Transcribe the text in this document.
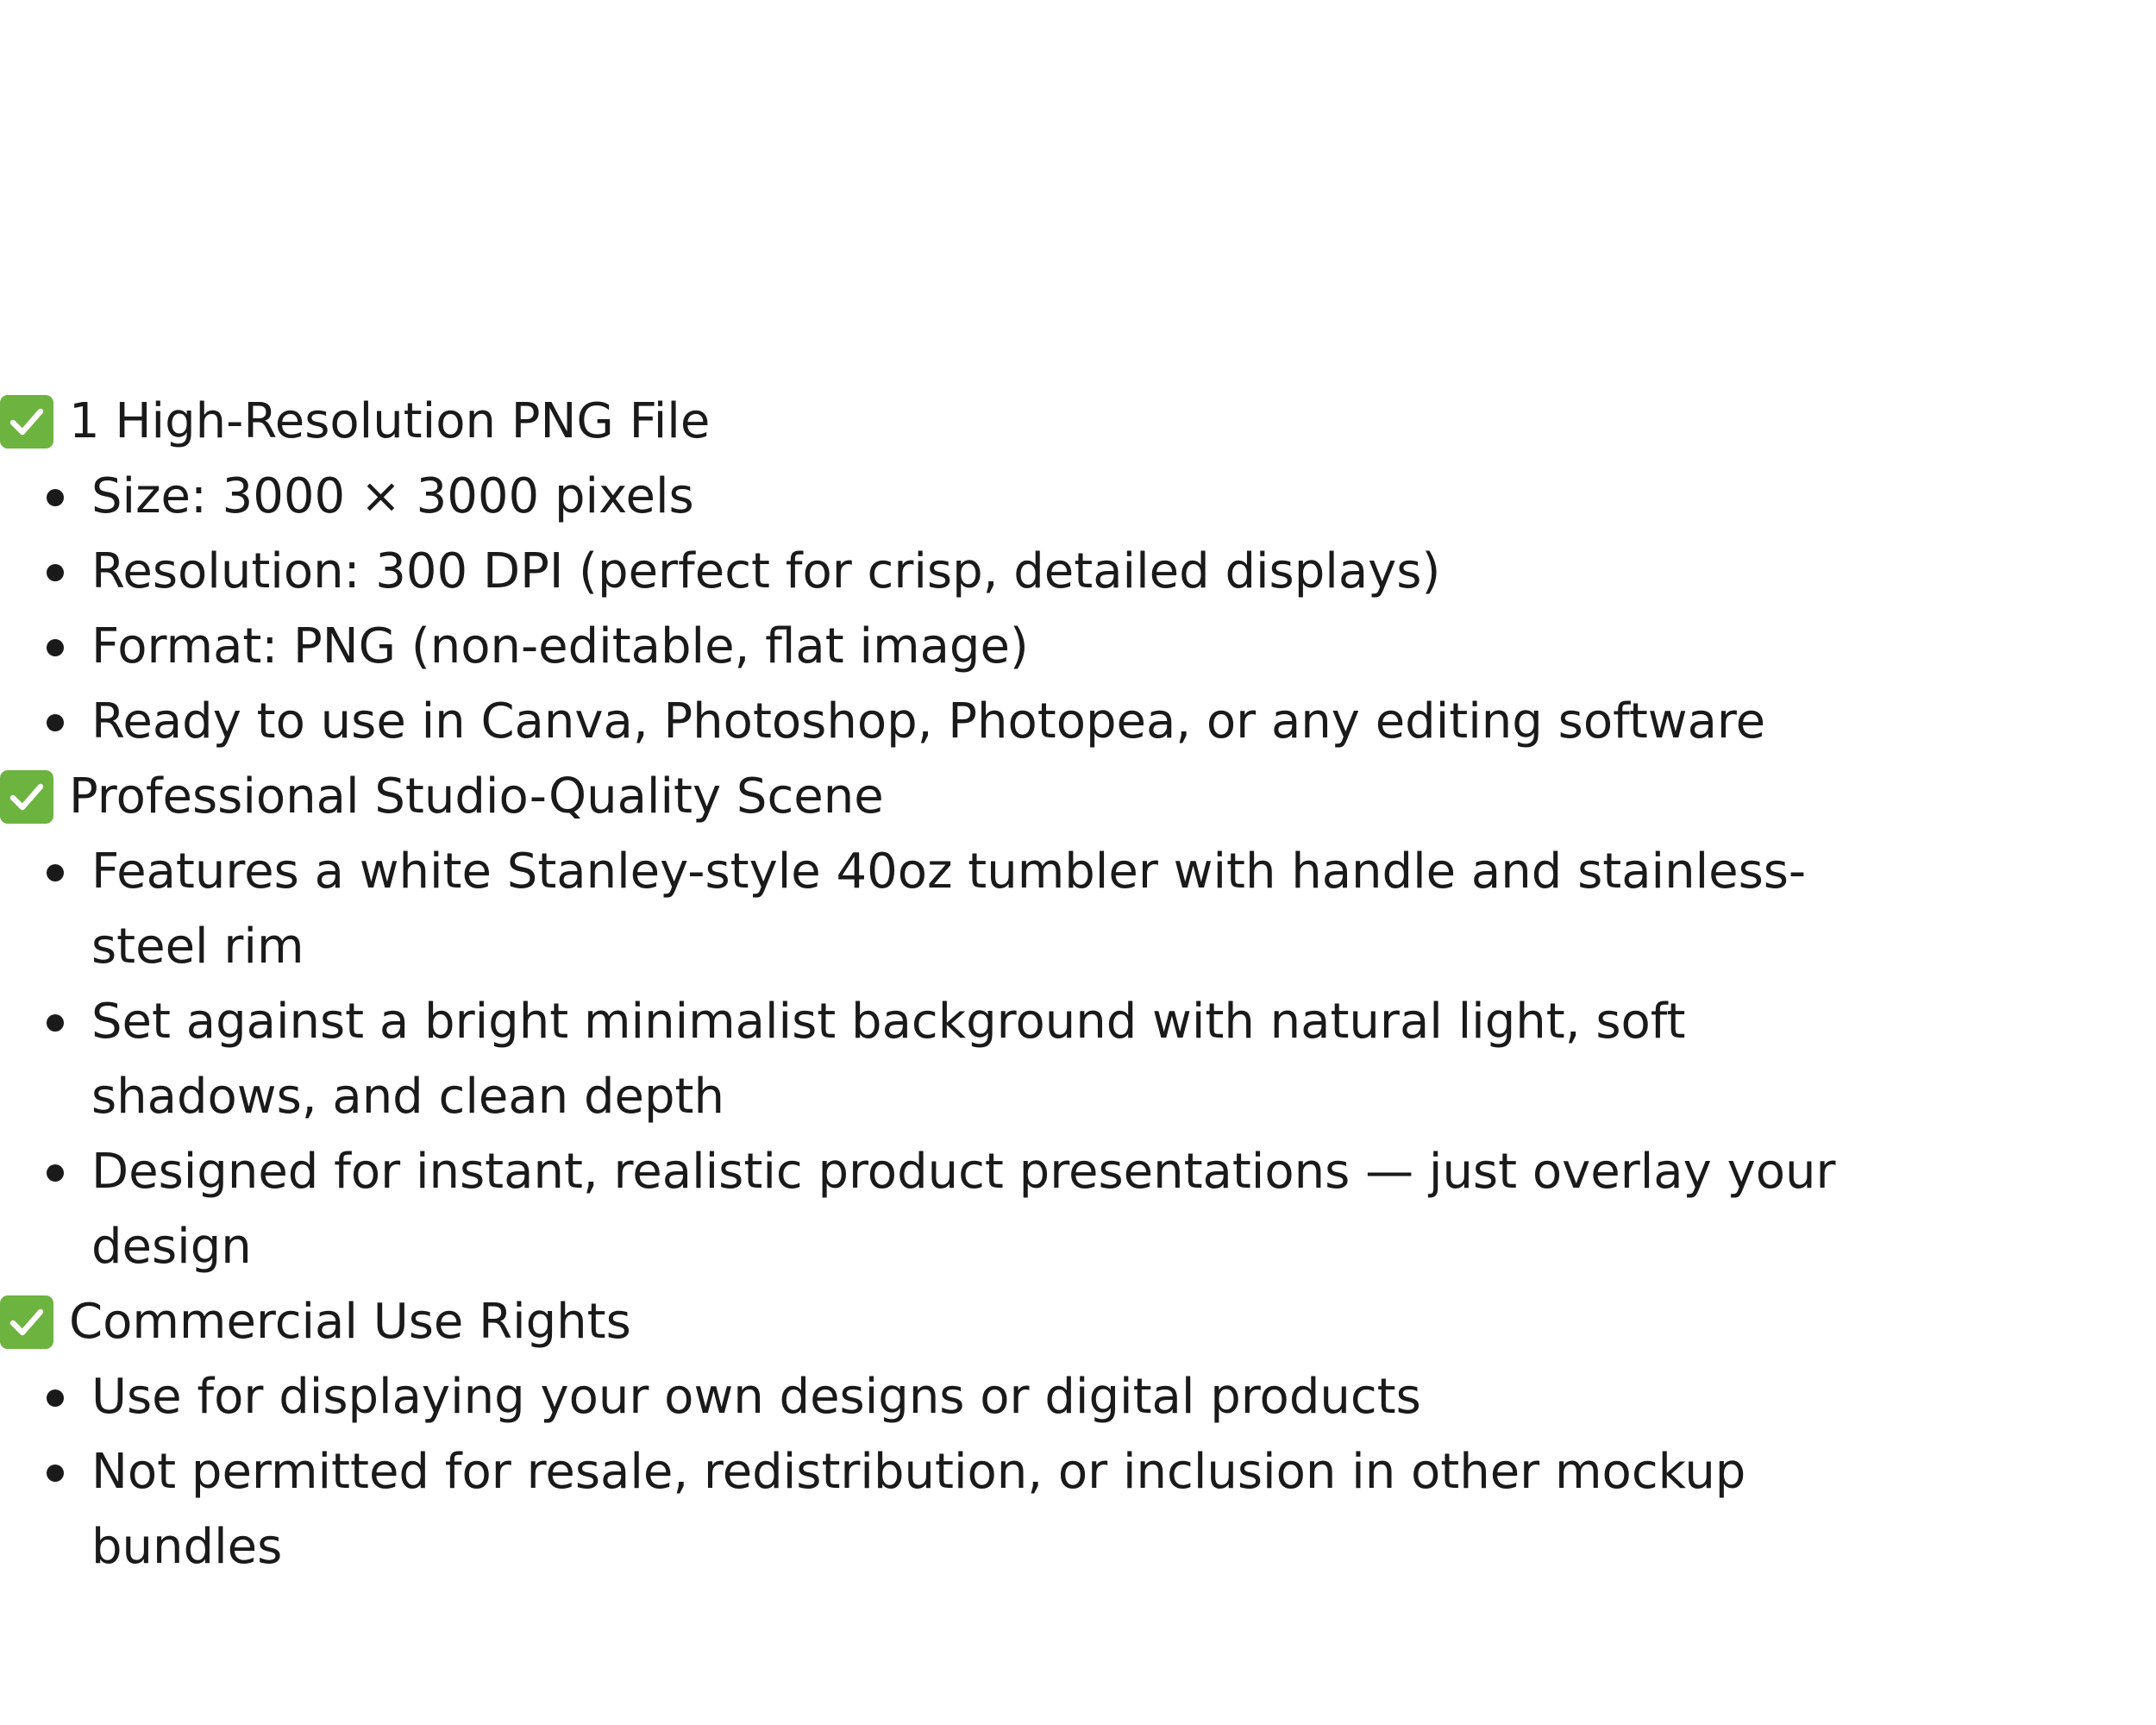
1 High-Resolution PNG File
Size: 3000 × 3000 pixels
Resolution: 300 DPI (perfect for crisp, detailed displays)
Format: PNG (non-editable, flat image)
Ready to use in Canva, Photoshop, Photopea, or any editing software
Professional Studio-Quality Scene
Features a white Stanley-style 40oz tumbler with handle and stainless-steel rim
Set against a bright minimalist background with natural light, soft shadows, and clean depth
Designed for instant, realistic product presentations — just overlay your design
Commercial Use Rights
Use for displaying your own designs or digital products
Not permitted for resale, redistribution, or inclusion in other mockup bundles
